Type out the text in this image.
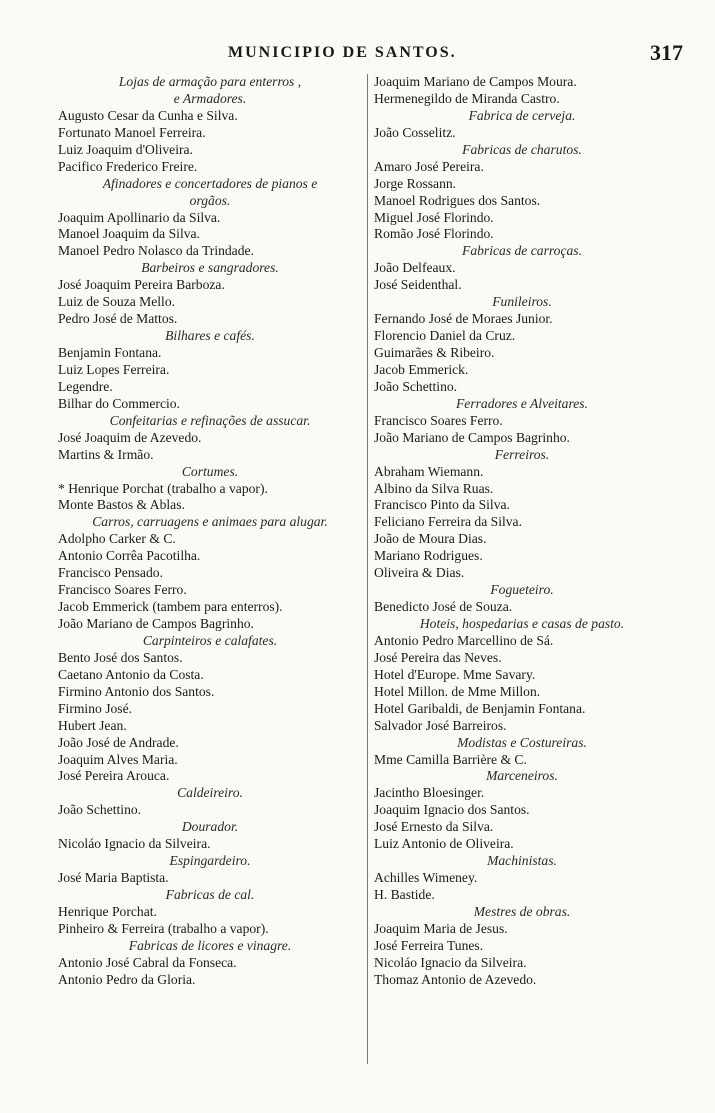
MUNICIPIO DE SANTOS.	317
Lojas de armação para enterros ,
e Armadores.
Augusto Cesar da Cunha e Silva.
Fortunato Manoel Ferreira.
Luiz Joaquim d'Oliveira.
Pacifico Frederico Freire.
Afinadores e concertadores de pianos e
orgãos.
Joaquim Apollinario da Silva.
Manoel Joaquim da Silva.
Manoel Pedro Nolasco da Trindade.
Barbeiros e sangradores.
José Joaquim Pereira Barboza.
Luiz de Souza Mello.
Pedro José de Mattos.
Bilhares e cafés.
Benjamin Fontana.
Luiz Lopes Ferreira.
Legendre.
Bilhar do Commercio.
Confeitarias e refinações de assucar.
José Joaquim de Azevedo.
Martins & Irmão.
Cortumes.
* Henrique Porchat (trabalho a vapor).
Monte Bastos & Ablas.
Carros, carruagens e animaes para alugar.
Adolpho Carker & C.
Antonio Corrêa Pacotilha.
Francisco Pensado.
Francisco Soares Ferro.
Jacob Emmerick (tambem para enterros).
João Mariano de Campos Bagrinho.
Carpinteiros e calafates.
Bento José dos Santos.
Caetano Antonio da Costa.
Firmino Antonio dos Santos.
Firmino José.
Hubert Jean.
João José de Andrade.
Joaquim Alves Maria.
José Pereira Arouca.
Caldeireiro.
João Schettino.
Dourador.
Nicoláo Ignacio da Silveira.
Espingardeiro.
José Maria Baptista.
Fabricas de cal.
Henrique Porchat.
Pinheiro & Ferreira (trabalho a vapor).
Fabricas de licores e vinagre.
Antonio José Cabral da Fonseca.
Antonio Pedro da Gloria.
Joaquim Mariano de Campos Moura.
Hermenegildo de Miranda Castro.
Fabrica de cerveja.
João Cosselitz.
Fabricas de charutos.
Amaro José Pereira.
Jorge Rossann.
Manoel Rodrigues dos Santos.
Miguel José Florindo.
Romão José Florindo.
Fabricas de carroças.
João Delfeaux.
José Seidenthal.
Funileiros.
Fernando José de Moraes Junior.
Florencio Daniel da Cruz.
Guimarães & Ribeiro.
Jacob Emmerick.
João Schettino.
Ferradores e Alveitares.
Francisco Soares Ferro.
João Mariano de Campos Bagrinho.
Ferreiros.
Abraham Wiemann.
Albino da Silva Ruas.
Francisco Pinto da Silva.
Feliciano Ferreira da Silva.
João de Moura Dias.
Mariano Rodrigues.
Oliveira & Dias.
Fogueteiro.
Benedicto José de Souza.
Hoteis, hospedarias e casas de pasto.
Antonio Pedro Marcellino de Sá.
José Pereira das Neves.
Hotel d'Europe. Mme Savary.
Hotel Millon. de Mme Millon.
Hotel Garibaldi, de Benjamin Fontana.
Salvador José Barreiros.
Modistas e Costureiras.
Mme Camilla Barrière & C.
Marceneiros.
Jacintho Bloesinger.
Joaquim Ignacio dos Santos.
José Ernesto da Silva.
Luiz Antonio de Oliveira.
Machinistas.
Achilles Wimeney.
H. Bastide.
Mestres de obras.
Joaquim Maria de Jesus.
José Ferreira Tunes.
Nicoláo Ignacio da Silveira.
Thomaz Antonio de Azevedo.
